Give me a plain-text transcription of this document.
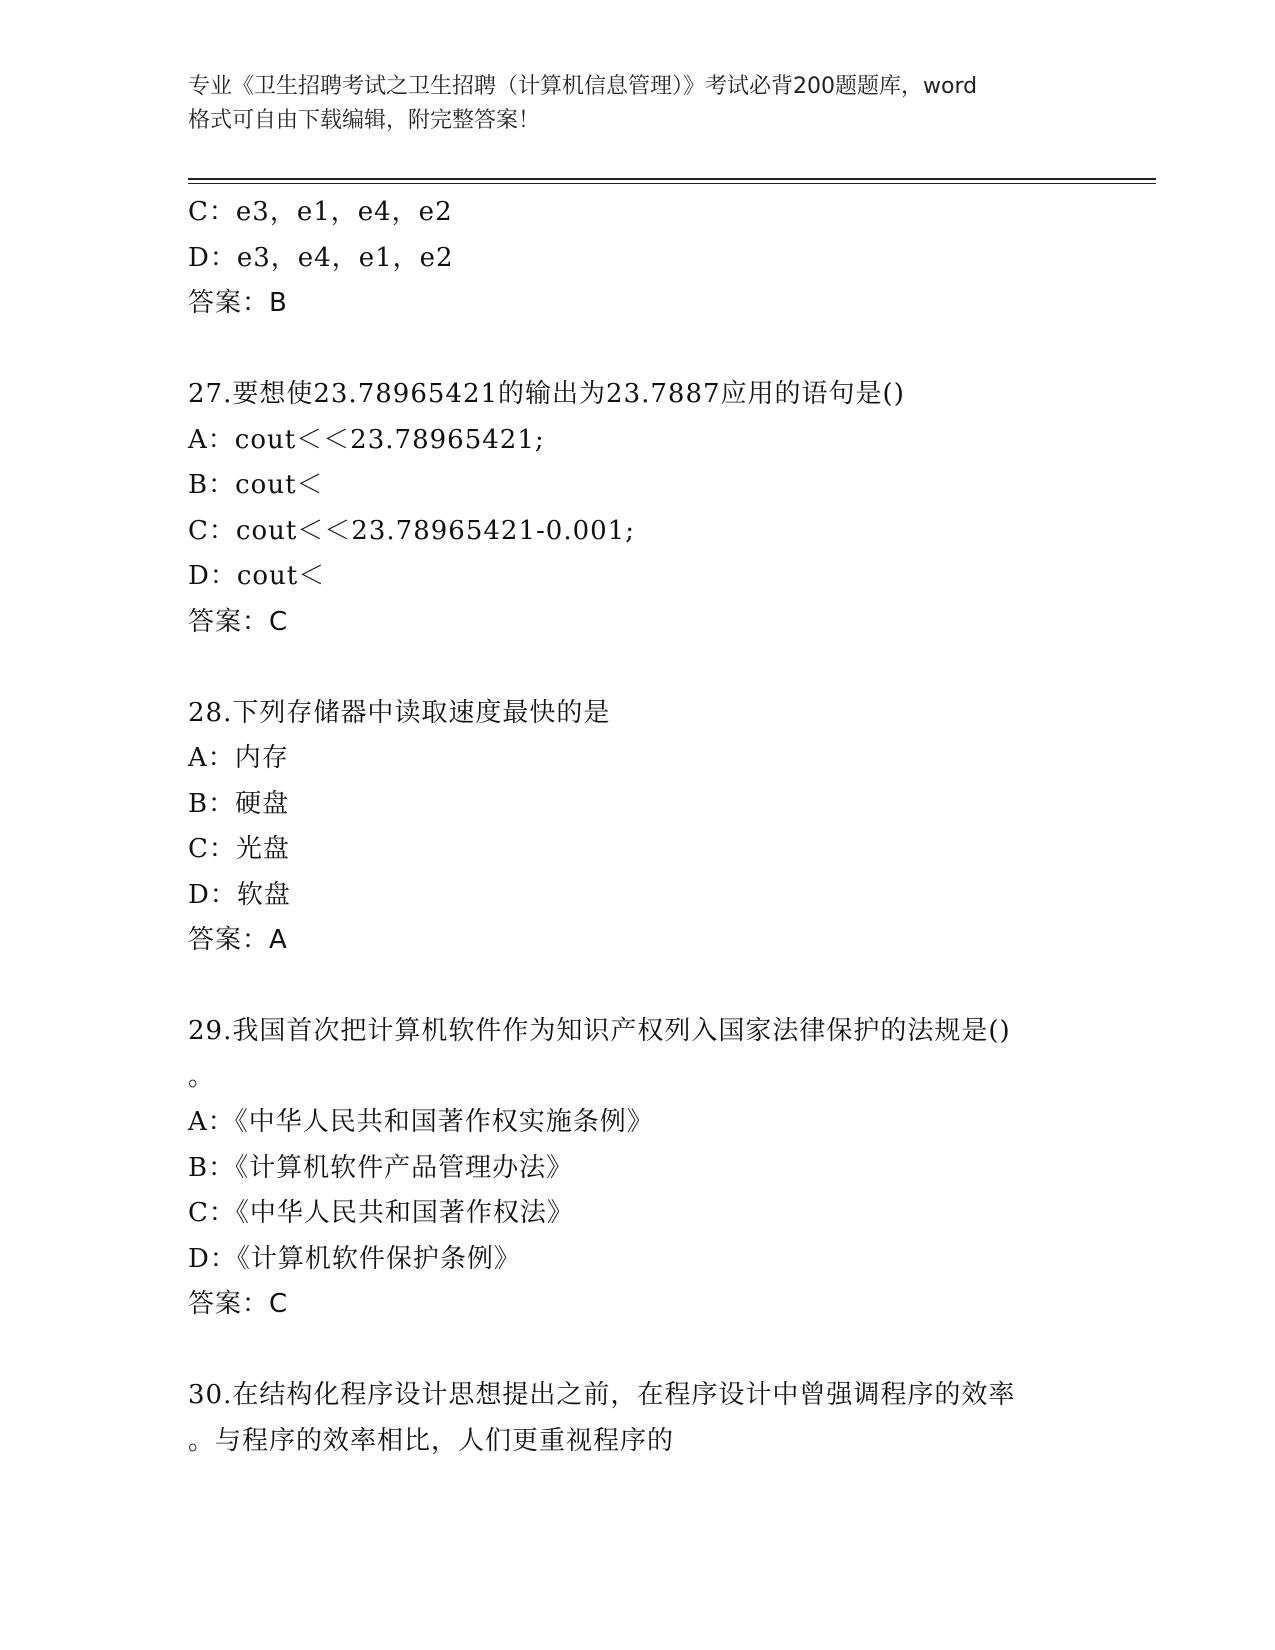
专业《卫生招聘考试之卫生招聘（计算机信息管理）》考试必背200题题库，word
格式可自由下载编辑，附完整答案！
C：e3，e1，e4，e2
D：e3，e4，e1，e2
答案：B
27.要想使23.78965421的输出为23.7887应用的语句是()
A：cout＜＜23.78965421;
B：cout＜
C：cout＜＜23.78965421-0.001;
D：cout＜
答案：C
28.下列存储器中读取速度最快的是
A：内存
B：硬盘
C：光盘
D：软盘
答案：A
29.我国首次把计算机软件作为知识产权列入国家法律保护的法规是()
。
A：《中华人民共和国著作权实施条例》
B：《计算机软件产品管理办法》
C：《中华人民共和国著作权法》
D：《计算机软件保护条例》
答案：C
30.在结构化程序设计思想提出之前，在程序设计中曾强调程序的效率
。与程序的效率相比，人们更重视程序的
